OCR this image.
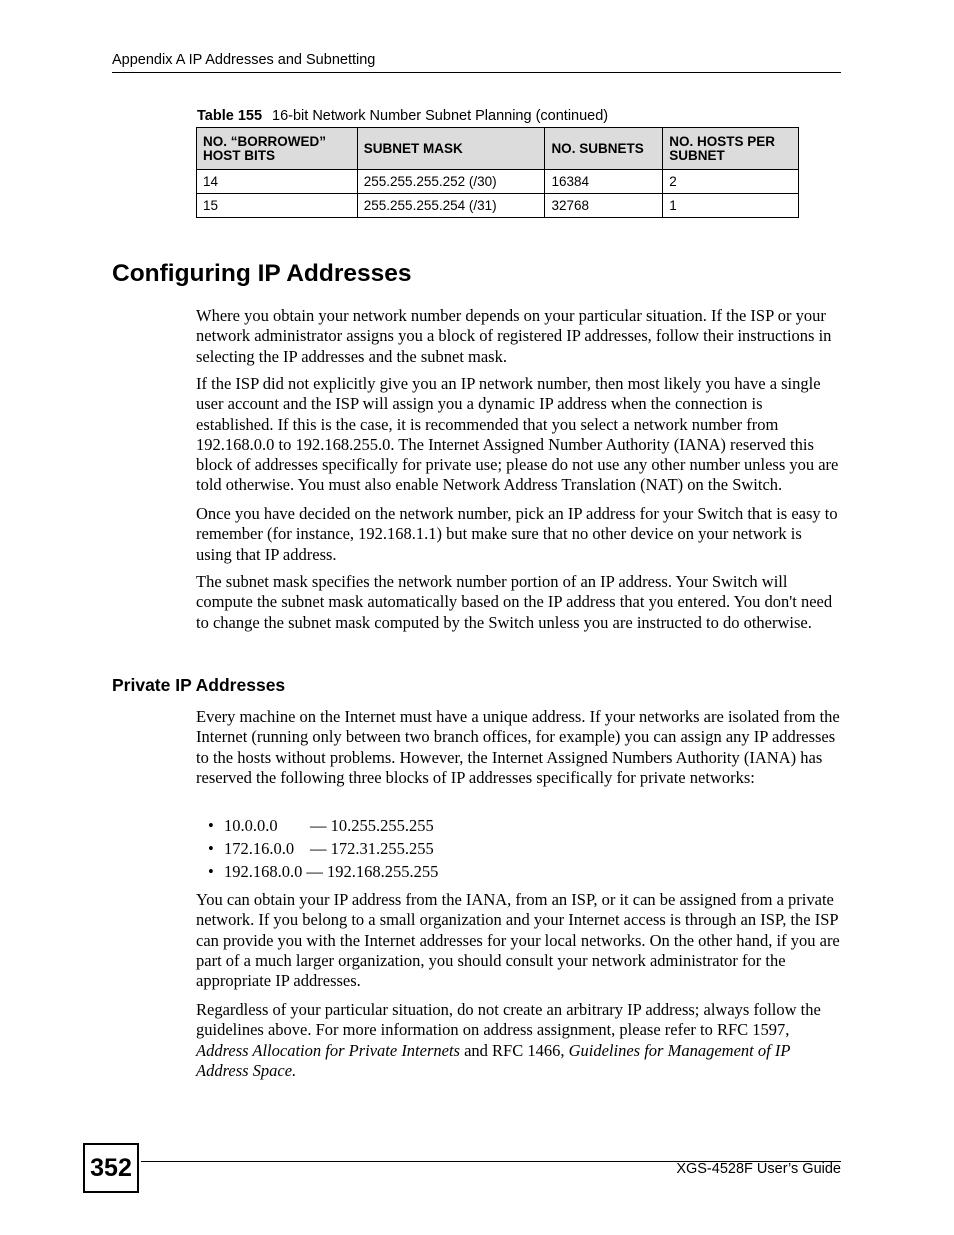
Appendix A IP Addresses and Subnetting
Table 155 16-bit Network Number Subnet Planning (continued)
NO. “BORROWED” HOST BITS	SUBNET MASK	NO. SUBNETS	NO. HOSTS PER SUBNET
14	255.255.255.252 (/30)	16384	2
15	255.255.255.254 (/31)	32768	1
Configuring IP Addresses

Where you obtain your network number depends on your particular situation. If the ISP or your network administrator assigns you a block of registered IP addresses, follow their instructions in selecting the IP addresses and the subnet mask.

If the ISP did not explicitly give you an IP network number, then most likely you have a single user account and the ISP will assign you a dynamic IP address when the connection is established. If this is the case, it is recommended that you select a network number from 192.168.0.0 to 192.168.255.0. The Internet Assigned Number Authority (IANA) reserved this block of addresses specifically for private use; please do not use any other number unless you are told otherwise. You must also enable Network Address Translation (NAT) on the Switch.

Once you have decided on the network number, pick an IP address for your Switch that is easy to remember (for instance, 192.168.1.1) but make sure that no other device on your network is using that IP address.

The subnet mask specifies the network number portion of an IP address. Your Switch will compute the subnet mask automatically based on the IP address that you entered. You don't need to change the subnet mask computed by the Switch unless you are instructed to do otherwise.

Private IP Addresses

Every machine on the Internet must have a unique address. If your networks are isolated from the Internet (running only between two branch offices, for example) you can assign any IP addresses to the hosts without problems. However, the Internet Assigned Numbers Authority (IANA) has reserved the following three blocks of IP addresses specifically for private networks:

• 10.0.0.0 — 10.255.255.255
• 172.16.0.0 — 172.31.255.255
• 192.168.0.0 — 192.168.255.255

You can obtain your IP address from the IANA, from an ISP, or it can be assigned from a private network. If you belong to a small organization and your Internet access is through an ISP, the ISP can provide you with the Internet addresses for your local networks. On the other hand, if you are part of a much larger organization, you should consult your network administrator for the appropriate IP addresses.

Regardless of your particular situation, do not create an arbitrary IP address; always follow the guidelines above. For more information on address assignment, please refer to RFC 1597, Address Allocation for Private Internets and RFC 1466, Guidelines for Management of IP Address Space.

352	XGS-4528F User’s Guide
